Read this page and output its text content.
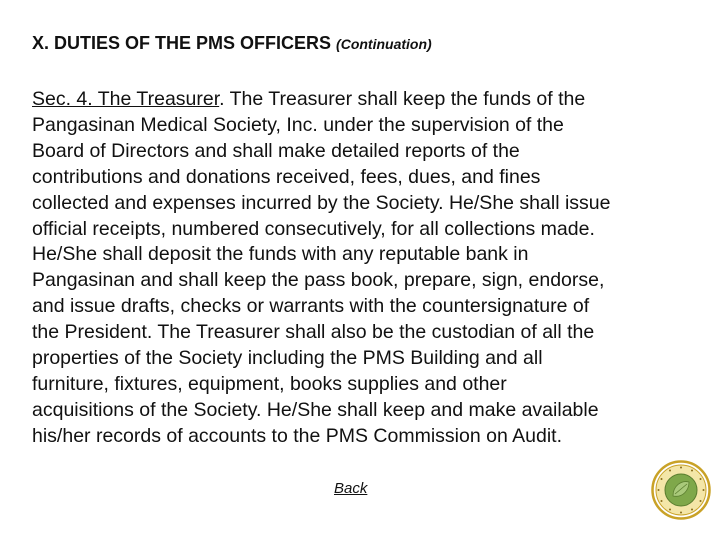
X. DUTIES OF THE PMS OFFICERS (Continuation)
Sec. 4. The Treasurer. The Treasurer shall keep the funds of the
Pangasinan Medical Society, Inc. under the supervision of the
Board of Directors and shall make detailed reports of the
contributions and donations received, fees, dues, and fines
collected and expenses incurred by the Society. He/She shall issue
official receipts, numbered consecutively, for all collections made.
He/She shall deposit the funds with any reputable bank in
Pangasinan and shall keep the pass book, prepare, sign, endorse,
and issue drafts, checks or warrants with the countersignature of
the President. The Treasurer shall also be the custodian of all the
properties of the Society including the PMS Building and all
furniture, fixtures, equipment, books supplies and other
acquisitions of the Society. He/She shall keep and make available
his/her records of accounts to the PMS Commission on Audit.
Back
